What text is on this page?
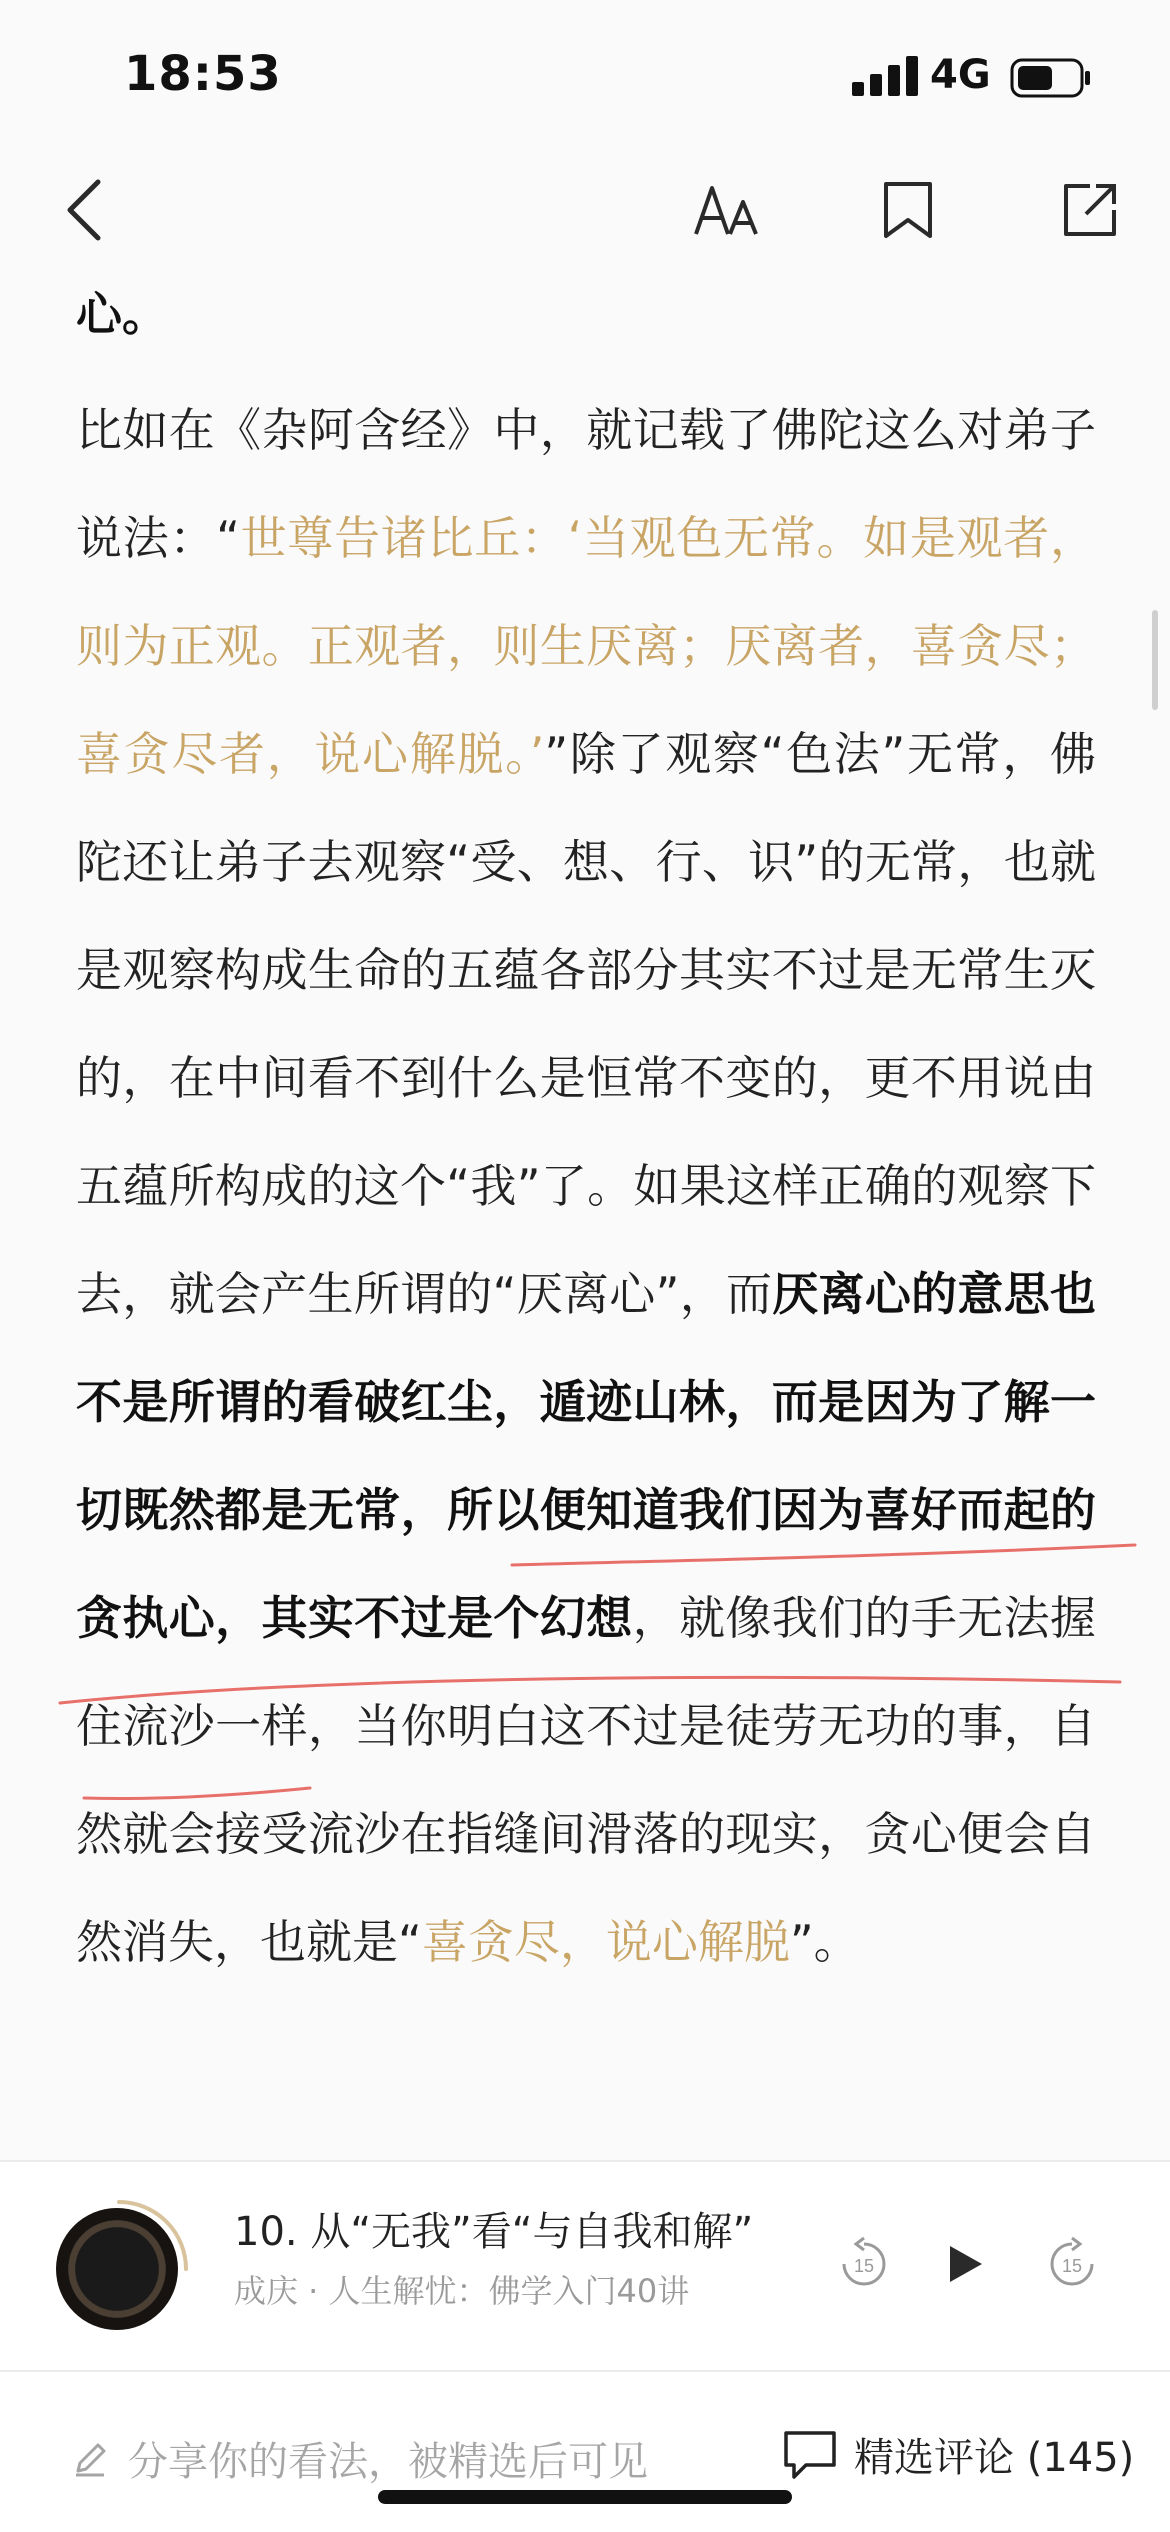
18:53	4G

心。

比如在《杂阿含经》中，就记载了佛陀这么对弟子说法：“世尊告诸比丘：‘当观色无常。如是观者，则为正观。正观者，则生厌离；厌离者，喜贪尽；喜贪尽者，说心解脱。’”除了观察“色法”无常，佛陀还让弟子去观察“受、想、行、识”的无常，也就是观察构成生命的五蕴各部分其实不过是无常生灭的，在中间看不到什么是恒常不变的，更不用说由五蕴所构成的这个“我”了。如果这样正确的观察下去，就会产生所谓的“厌离心”，而厌离心的意思也不是所谓的看破红尘，遁迹山林，而是因为了解一切既然都是无常，所以便知道我们因为喜好而起的贪执心，其实不过是个幻想，就像我们的手无法握住流沙一样，当你明白这不过是徒劳无功的事，自然就会接受流沙在指缝间滑落的现实，贪心便会自然消失，也就是“喜贪尽，说心解脱”。

10. 从“无我”看“与自我和解”
成庆 · 人生解忧：佛学入门40讲
15	15
分享你的看法，被精选后可见	精选评论 (145)
